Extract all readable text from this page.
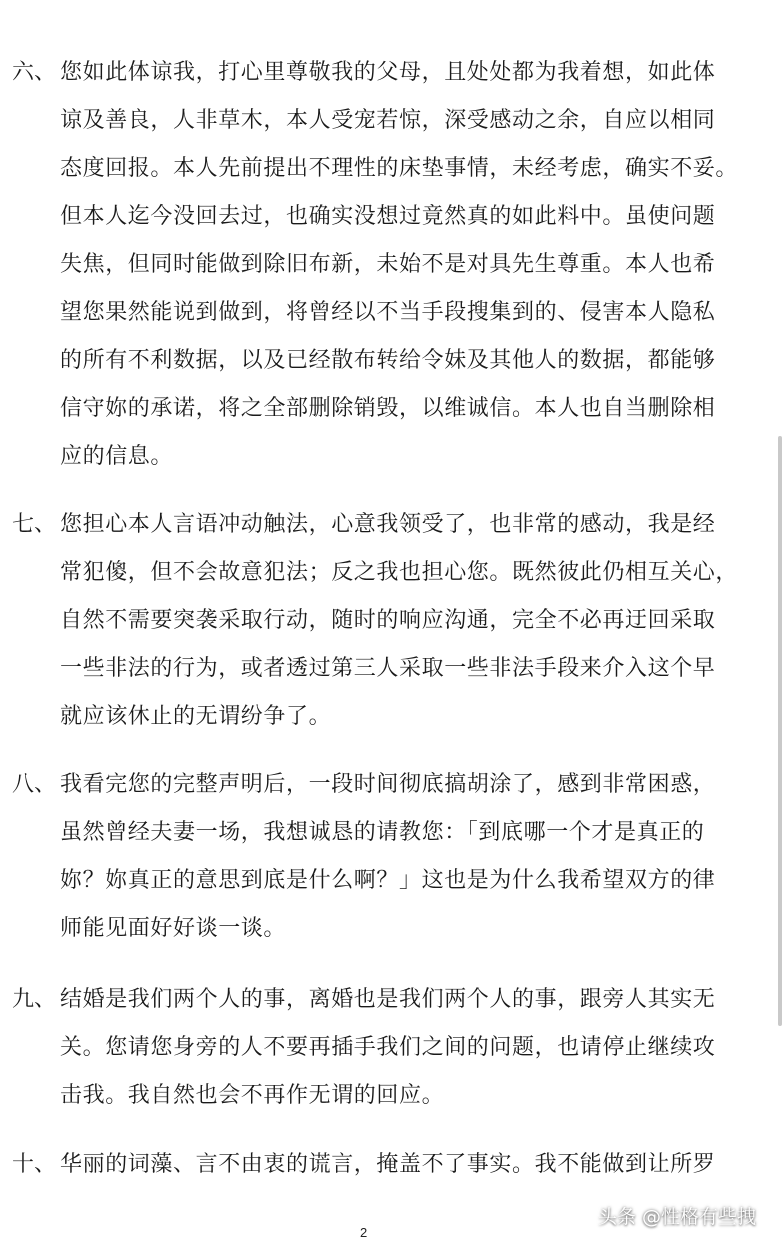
六、 您如此体谅我，打心里尊敬我的父母，且处处都为我着想，如此体
谅及善良，人非草木，本人受宠若惊，深受感动之余，自应以相同
态度回报。本人先前提出不理性的床垫事情，未经考虑，确实不妥。
但本人迄今没回去过，也确实没想过竟然真的如此料中。虽使问题
失焦，但同时能做到除旧布新，未始不是对具先生尊重。本人也希
望您果然能说到做到，将曾经以不当手段搜集到的、侵害本人隐私
的所有不利数据，以及已经散布转给令妹及其他人的数据，都能够
信守妳的承诺，将之全部删除销毁，以维诚信。本人也自当删除相
应的信息。
七、 您担心本人言语冲动触法，心意我领受了，也非常的感动，我是经
常犯傻，但不会故意犯法；反之我也担心您。既然彼此仍相互关心，
自然不需要突袭采取行动，随时的响应沟通，完全不必再迂回采取
一些非法的行为，或者透过第三人采取一些非法手段来介入这个早
就应该休止的无谓纷争了。
八、 我看完您的完整声明后，一段时间彻底搞胡涂了，感到非常困惑，
虽然曾经夫妻一场，我想诚恳的请教您：「到底哪一个才是真正的
妳？妳真正的意思到底是什么啊？」这也是为什么我希望双方的律
师能见面好好谈一谈。
九、 结婚是我们两个人的事，离婚也是我们两个人的事，跟旁人其实无
关。您请您身旁的人不要再插手我们之间的问题，也请停止继续攻
击我。我自然也会不再作无谓的回应。
十、 华丽的词藻、言不由衷的谎言，掩盖不了事实。我不能做到让所罗
头条 @性格有些拽
2
